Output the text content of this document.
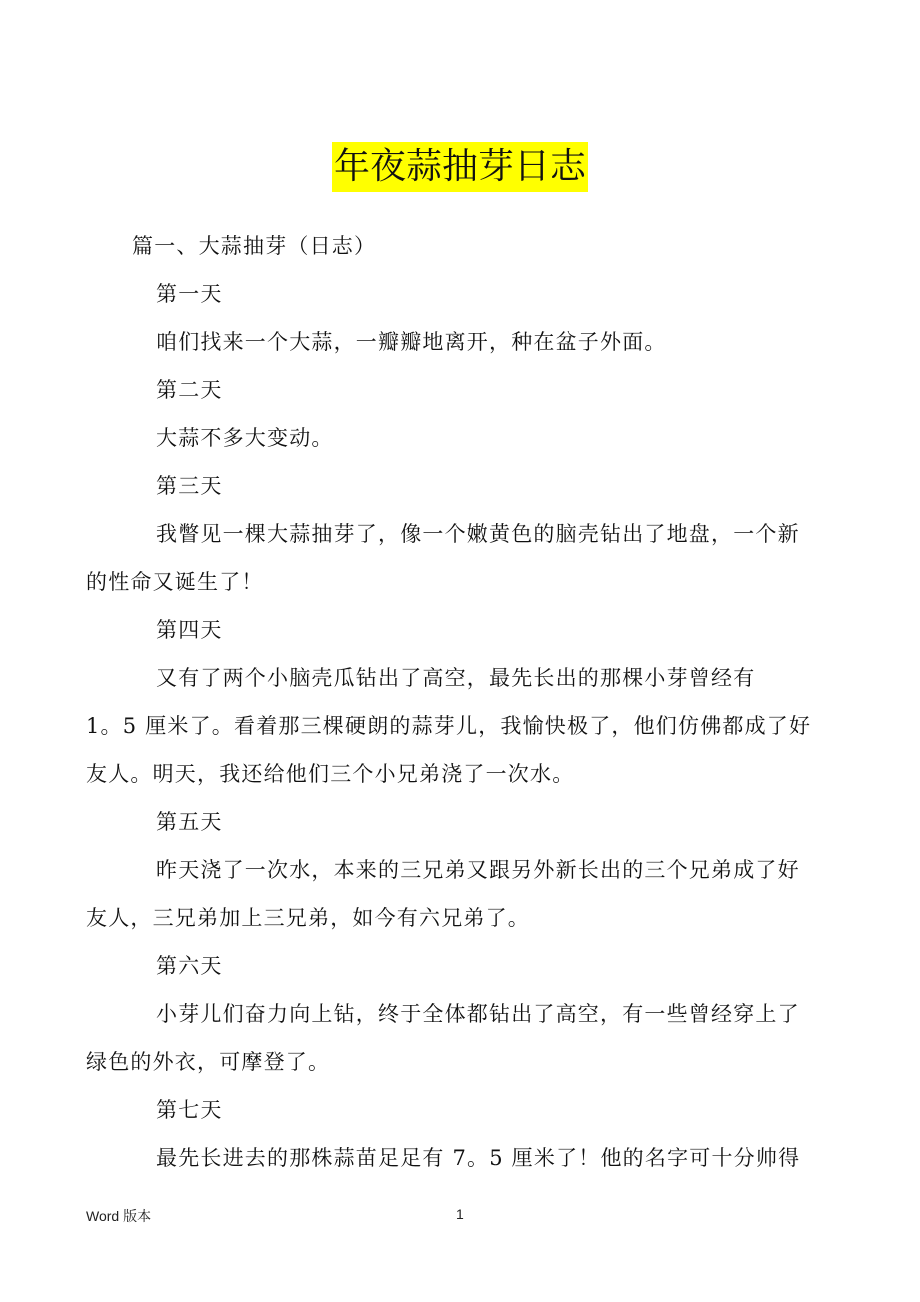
年夜蒜抽芽日志
篇一、大蒜抽芽（日志）
第一天
咱们找来一个大蒜，一瓣瓣地离开，种在盆子外面。
第二天
大蒜不多大变动。
第三天
我瞥见一棵大蒜抽芽了，像一个嫩黄色的脑壳钻出了地盘，一个新
的性命又诞生了！
第四天
又有了两个小脑壳瓜钻出了高空，最先长出的那棵小芽曾经有
1。5 厘米了。看着那三棵硬朗的蒜芽儿，我愉快极了，他们仿佛都成了好
友人。明天，我还给他们三个小兄弟浇了一次水。
第五天
昨天浇了一次水，本来的三兄弟又跟另外新长出的三个兄弟成了好
友人，三兄弟加上三兄弟，如今有六兄弟了。
第六天
小芽儿们奋力向上钻，终于全体都钻出了高空，有一些曾经穿上了
绿色的外衣，可摩登了。
第七天
最先长进去的那株蒜苗足足有 7。5 厘米了！他的名字可十分帅得
Word 版本	1
